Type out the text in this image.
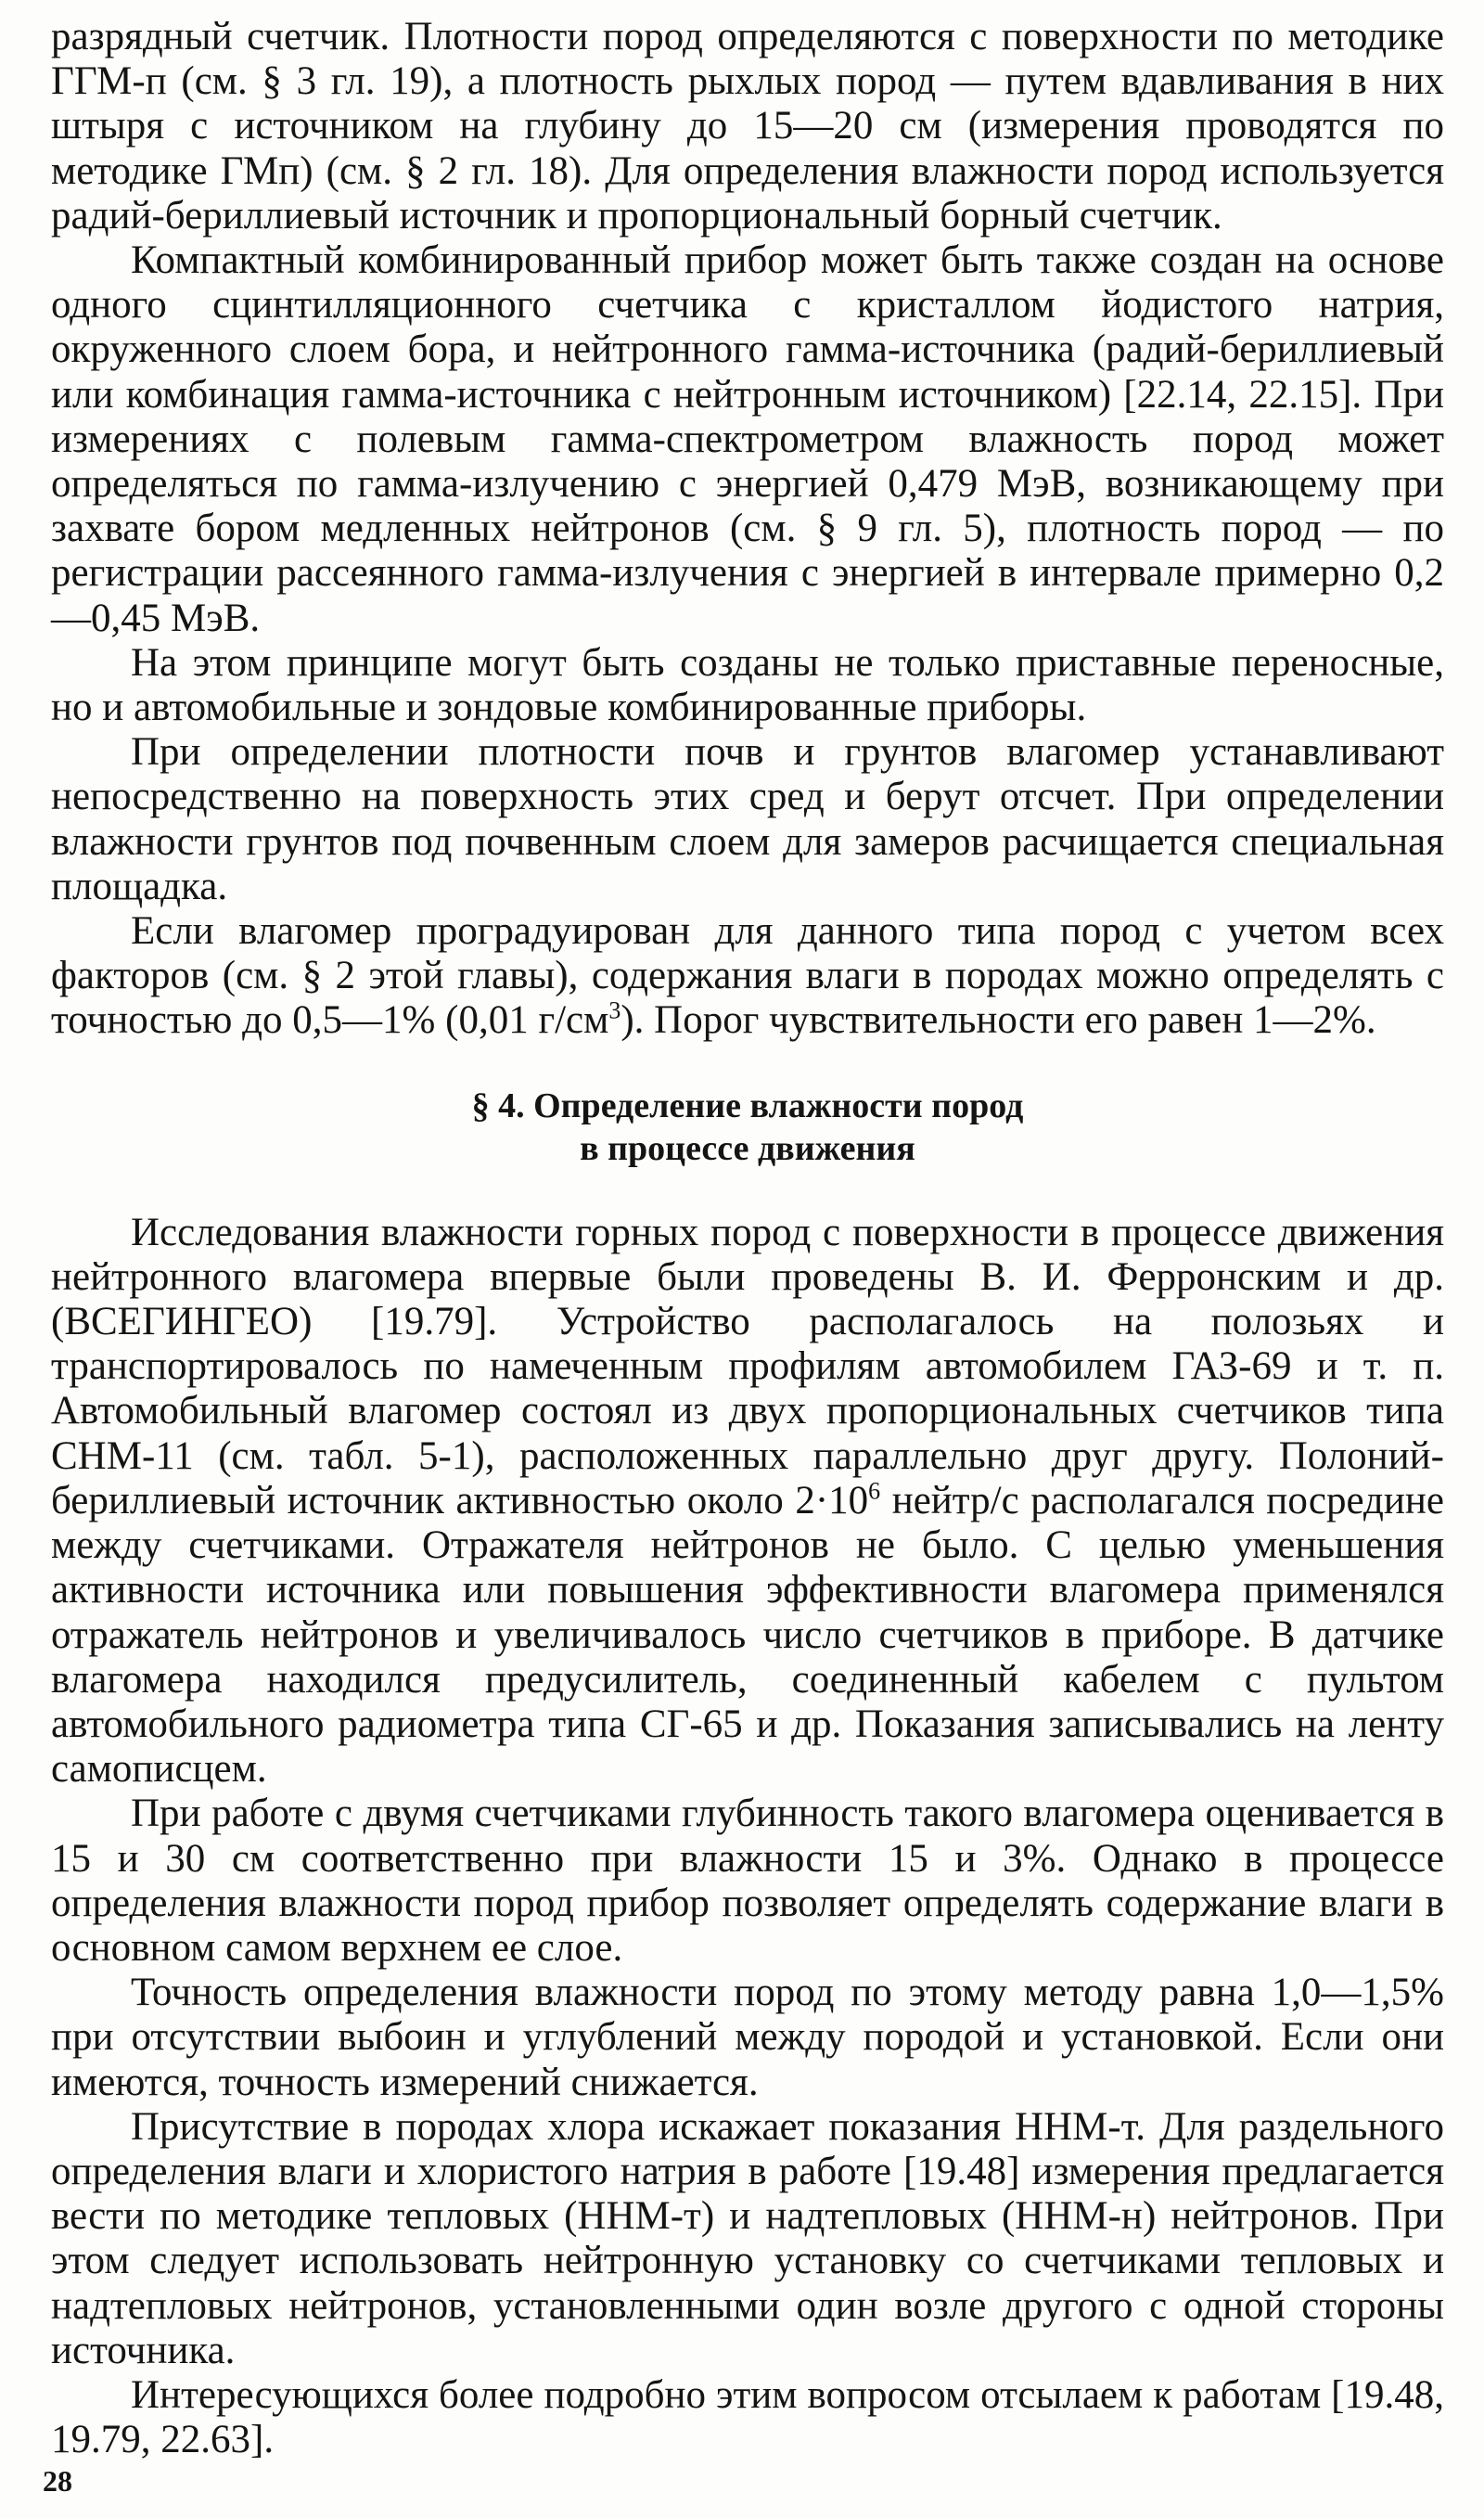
разрядный счетчик. Плотности пород определяются с поверхности по методике ГГМ-п (см. § 3 гл. 19), а плотность рыхлых пород — путем вдавливания в них штыря с источником на глубину до 15—20 см (измерения проводятся по методике ГМп) (см. § 2 гл. 18). Для определения влажности пород используется радий-бериллиевый источник и пропорциональный борный счетчик.

Компактный комбинированный прибор может быть также создан на основе одного сцинтилляционного счетчика с кристаллом йодистого натрия, окруженного слоем бора, и нейтронного гамма-источника (радий-бериллиевый или комбинация гамма-источника с нейтронным источником) [22.14, 22.15]. При измерениях с полевым гамма-спектрометром влажность пород может определяться по гамма-излучению с энергией 0,479 МэВ, возникающему при захвате бором медленных нейтронов (см. § 9 гл. 5), плотность пород — по регистрации рассеянного гамма-излучения с энергией в интервале примерно 0,2—0,45 МэВ.

На этом принципе могут быть созданы не только приставные переносные, но и автомобильные и зондовые комбинированные приборы.

При определении плотности почв и грунтов влагомер устанавливают непосредственно на поверхность этих сред и берут отсчет. При определении влажности грунтов под почвенным слоем для замеров расчищается специальная площадка.

Если влагомер проградуирован для данного типа пород с учетом всех факторов (см. § 2 этой главы), содержания влаги в породах можно определять с точностью до 0,5—1% (0,01 $г/см^3$). Порог чувствительности его равен 1—2%.

§ 4. Определение влажности пород
в процессе движения

Исследования влажности горных пород с поверхности в процессе движения нейтронного влагомера впервые были проведены В. И. Ферронским и др. (ВСЕГИНГЕО) [19.79]. Устройство располагалось на полозьях и транспортировалось по намеченным профилям автомобилем ГАЗ-69 и т. п. Автомобильный влагомер состоял из двух пропорциональных счетчиков типа СНМ-11 (см. табл. 5-1), расположенных параллельно друг другу. Полоний-бериллиевый источник активностью около $2\cdot 10^6$ нейтр/с располагался посредине между счетчиками. Отражателя нейтронов не было. С целью уменьшения активности источника или повышения эффективности влагомера применялся отражатель нейтронов и увеличивалось число счетчиков в приборе. В датчике влагомера находился предусилитель, соединенный кабелем с пультом автомобильного радиометра типа СГ-65 и др. Показания записывались на ленту самописцем.

При работе с двумя счетчиками глубинность такого влагомера оценивается в 15 и 30 см соответственно при влажности 15 и 3%. Однако в процессе определения влажности пород прибор позволяет определять содержание влаги в основном самом верхнем ее слое.

Точность определения влажности пород по этому методу равна 1,0—1,5% при отсутствии выбоин и углублений между породой и установкой. Если они имеются, точность измерений снижается.

Присутствие в породах хлора искажает показания ННМ-т. Для раздельного определения влаги и хлористого натрия в работе [19.48] измерения предлагается вести по методике тепловых (ННМ-т) и надтепловых (ННМ-н) нейтронов. При этом следует использовать нейтронную установку со счетчиками тепловых и надтепловых нейтронов, установленными один возле другого с одной стороны источника.

Интересующихся более подробно этим вопросом отсылаем к работам [19.48, 19.79, 22.63].

28
